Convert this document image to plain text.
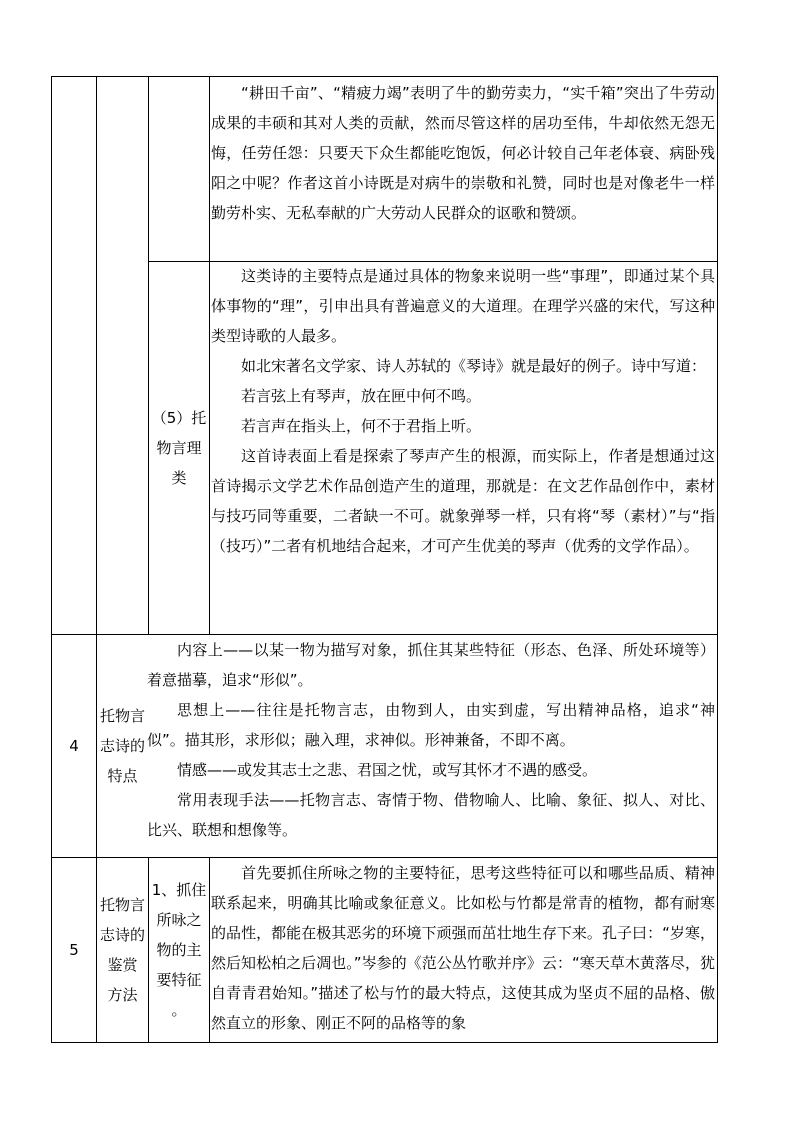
“耕田千亩”、“精疲力竭”表明了牛的勤劳卖力，“实千箱”突出了牛劳动成果的丰硕和其对人类的贡献，然而尽管这样的居功至伟，牛却依然无怨无悔，任劳任怨：只要天下众生都能吃饱饭，何必计较自己年老体衰、病卧残阳之中呢？作者这首小诗既是对病牛的崇敬和礼赞，同时也是对像老牛一样勤劳朴实、无私奉献的广大劳动人民群众的讴歌和赞颂。

（5）托
物言理
类

这类诗的主要特点是通过具体的物象来说明一些“事理”，即通过某个具体事物的“理”，引申出具有普遍意义的大道理。在理学兴盛的宋代，写这种类型诗歌的人最多。

如北宋著名文学家、诗人苏轼的《琴诗》就是最好的例子。诗中写道：

若言弦上有琴声，放在匣中何不鸣。

若言声在指头上，何不于君指上听。

这首诗表面上看是探索了琴声产生的根源，而实际上，作者是想通过这首诗揭示文学艺术作品创造产生的道理，那就是：在文艺作品创作中，素材与技巧同等重要，二者缺一不可。就象弹琴一样，只有将“琴（素材）”与“指（技巧）”二者有机地结合起来，才可产生优美的琴声（优秀的文学作品）。

4
托物言
志诗的
特点

内容上——以某一物为描写对象，抓住其某些特征（形态、色泽、所处环境等）着意描摹，追求“形似”。

思想上——往往是托物言志，由物到人，由实到虚，写出精神品格，追求“神似”。描其形，求形似；融入理，求神似。形神兼备，不即不离。

情感——或发其志士之悲、君国之忧，或写其怀才不遇的感受。

常用表现手法——托物言志、寄情于物、借物喻人、比喻、象征、拟人、对比、比兴、联想和想像等。

5
托物言
志诗的
鉴赏
方法
1、抓住
所咏之
物的主
要特征
。

首先要抓住所咏之物的主要特征，思考这些特征可以和哪些品质、精神联系起来，明确其比喻或象征意义。比如松与竹都是常青的植物，都有耐寒的品性，都能在极其恶劣的环境下顽强而茁壮地生存下来。孔子曰：“岁寒，然后知松柏之后凋也。”岑参的《范公丛竹歌并序》云：“寒天草木黄落尽，犹自青青君始知。”描述了松与竹的最大特点，这使其成为坚贞不屈的品格、傲然直立的形象、刚正不阿的品格等的象
